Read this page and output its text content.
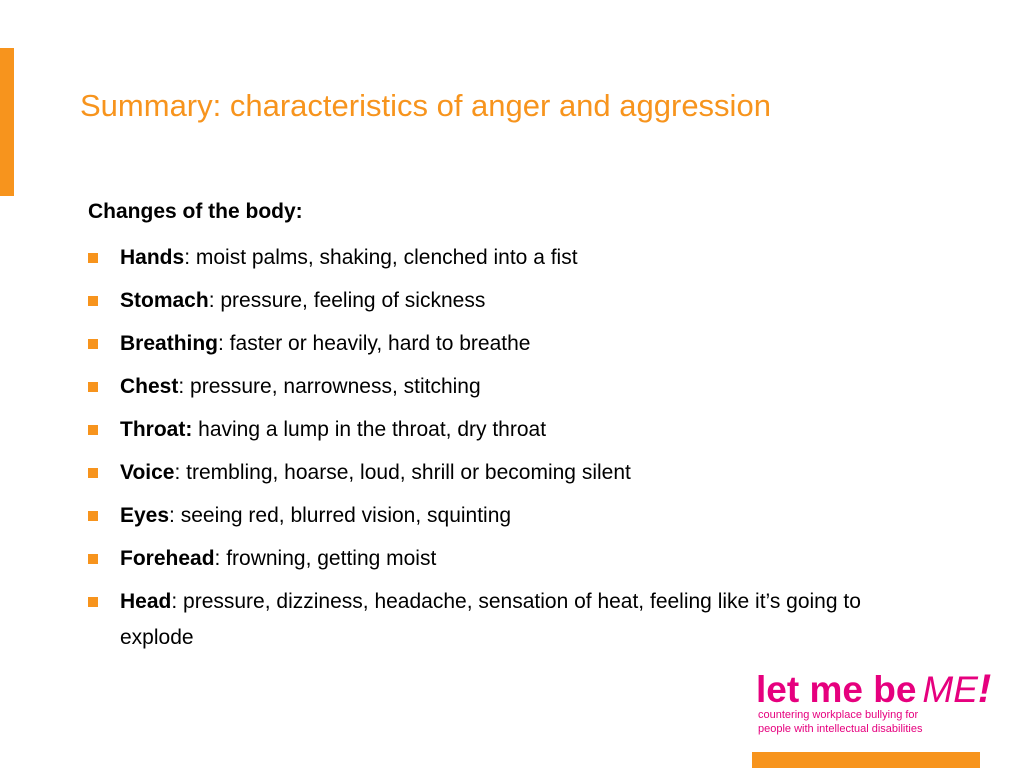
Summary: characteristics of anger and aggression
Changes of the body:
Hands: moist palms, shaking, clenched into a fist
Stomach: pressure, feeling of sickness
Breathing: faster or heavily, hard to breathe
Chest: pressure, narrowness, stitching
Throat: having a lump in the throat, dry throat
Voice: trembling, hoarse, loud, shrill or becoming silent
Eyes: seeing red, blurred vision, squinting
Forehead: frowning, getting moist
Head: pressure, dizziness, headache, sensation of heat, feeling like it’s going to explode
let me be ME!
countering workplace bullying for
people with intellectual disabilities
